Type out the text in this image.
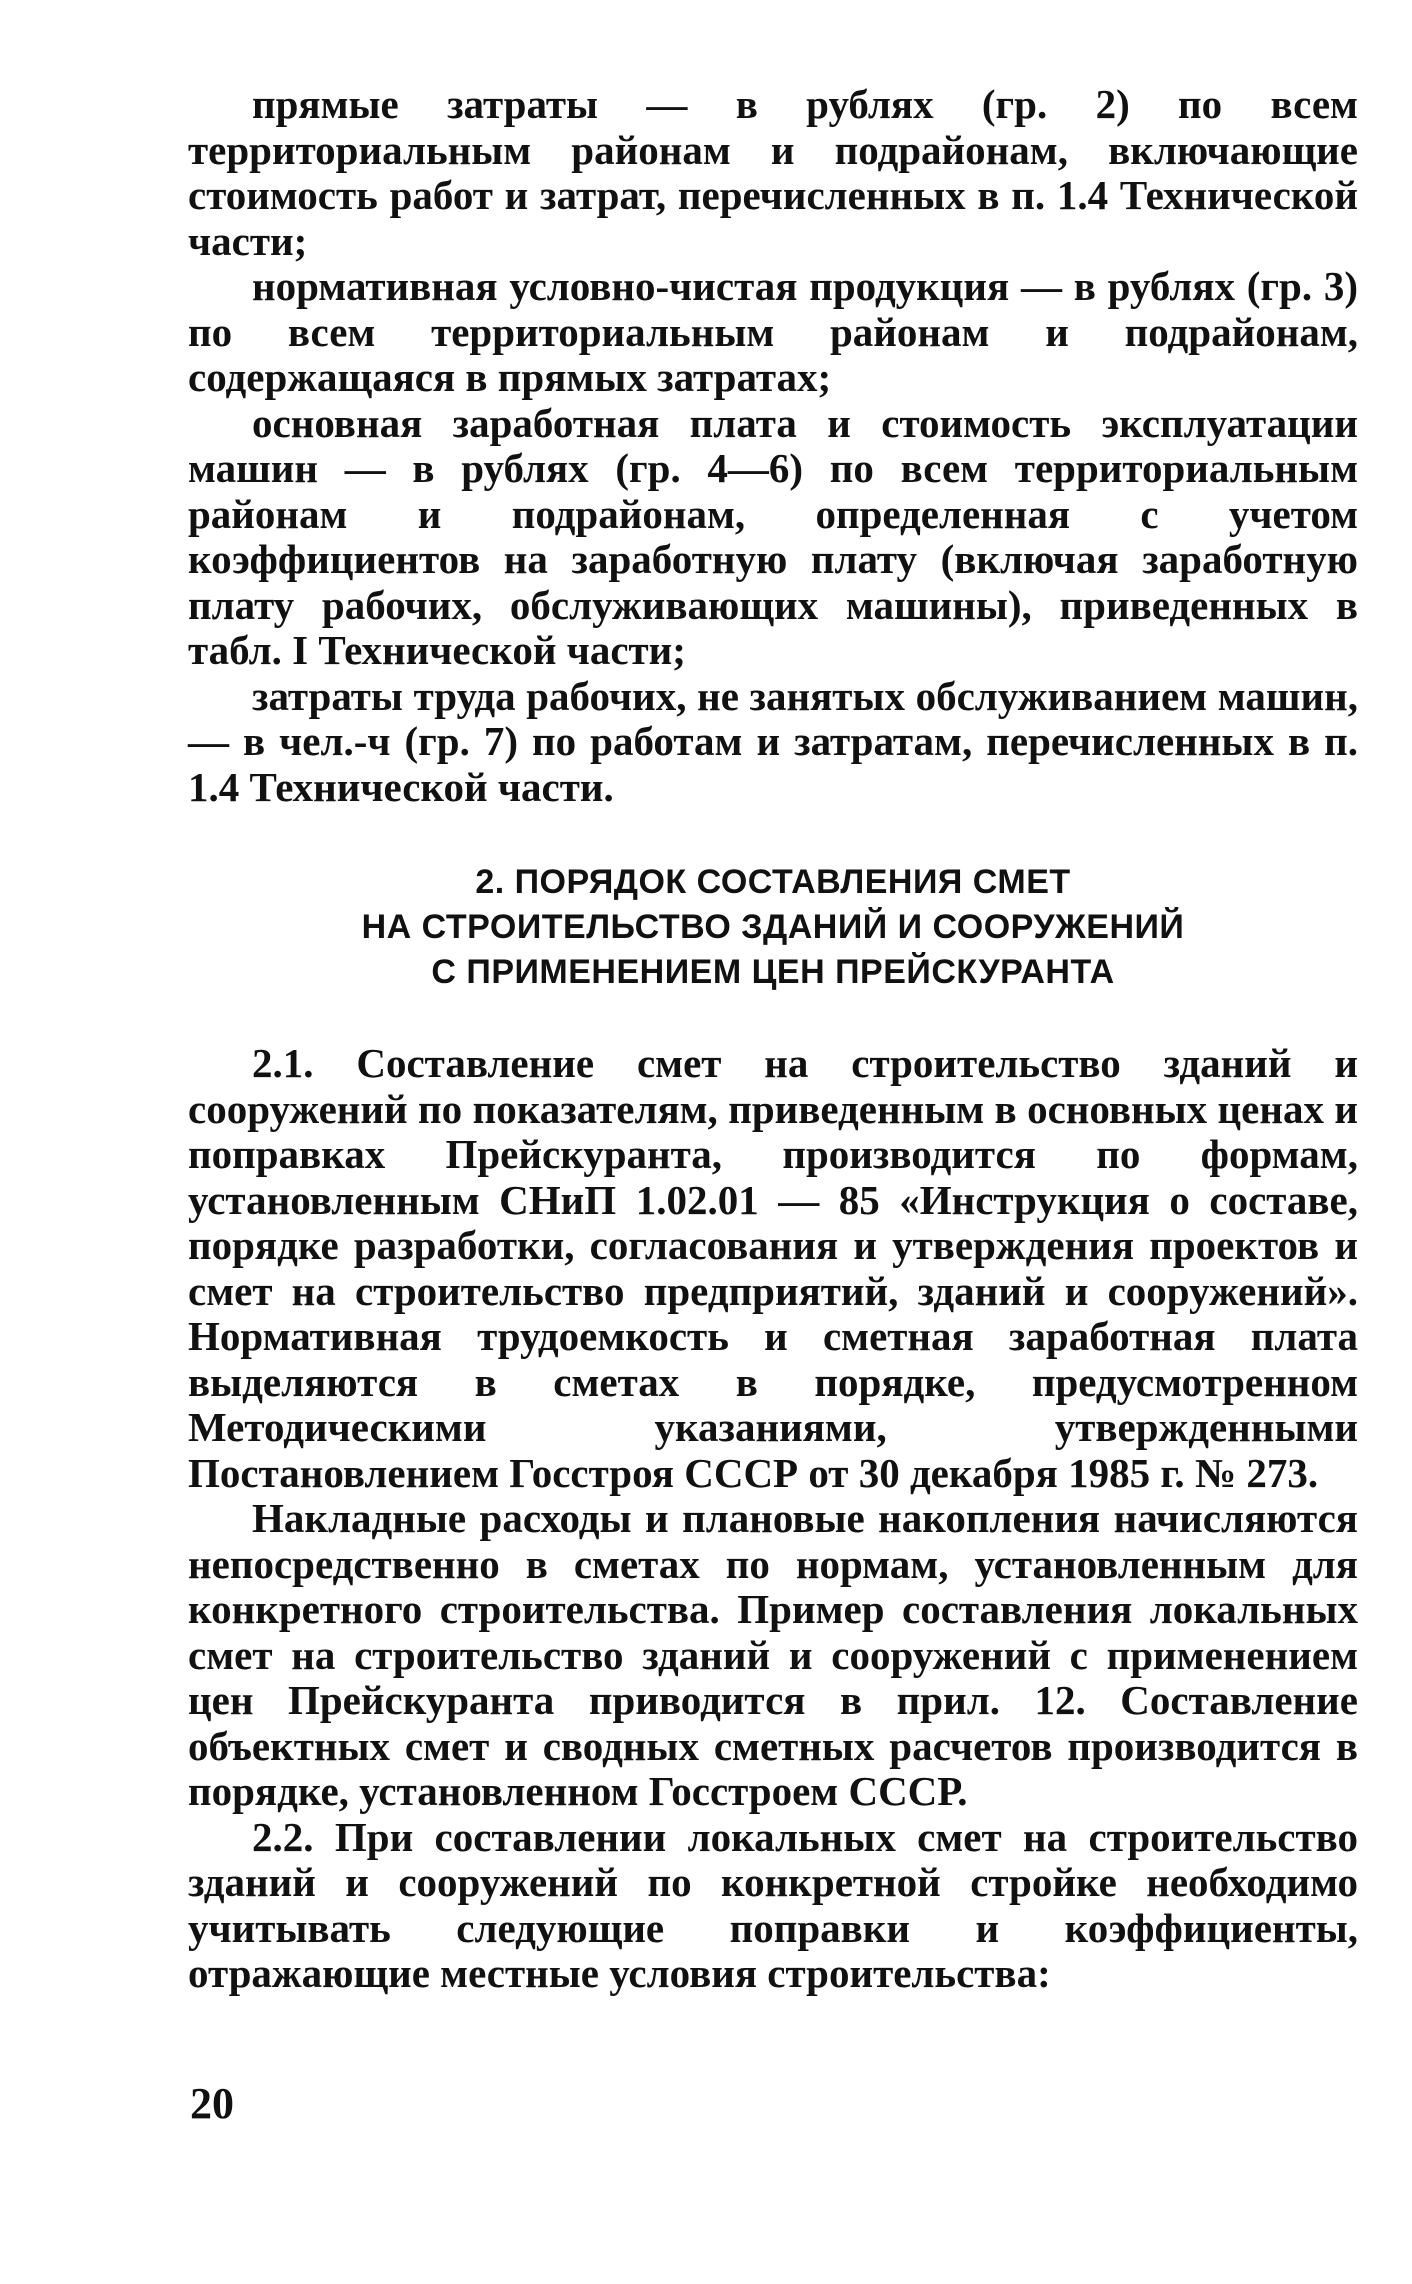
прямые затраты — в рублях (гр. 2) по всем территориальным районам и подрайонам, включающие стоимость работ и затрат, перечисленных в п. 1.4 Технической части;

нормативная условно-чистая продукция — в рублях (гр. 3) по всем территориальным районам и подрайонам, содержащаяся в прямых затратах;

основная заработная плата и стоимость эксплуатации машин — в рублях (гр. 4—6) по всем территориальным районам и подрайонам, определенная с учетом коэффициентов на заработную плату (включая заработную плату рабочих, обслуживающих машины), приведенных в табл. I Технической части;

затраты труда рабочих, не занятых обслуживанием машин,— в чел.-ч (гр. 7) по работам и затратам, перечисленных в п. 1.4 Технической части.

2. ПОРЯДОК СОСТАВЛЕНИЯ СМЕТ
НА СТРОИТЕЛЬСТВО ЗДАНИЙ И СООРУЖЕНИЙ
С ПРИМЕНЕНИЕМ ЦЕН ПРЕЙСКУРАНТА

2.1. Составление смет на строительство зданий и сооружений по показателям, приведенным в основных ценах и поправках Прейскуранта, производится по формам, установленным СНиП 1.02.01 — 85 «Инструкция о составе, порядке разработки, согласования и утверждения проектов и смет на строительство предприятий, зданий и сооружений». Нормативная трудоемкость и сметная заработная плата выделяются в сметах в порядке, предусмотренном Методическими указаниями, утвержденными Постановлением Госстроя СССР от 30 декабря 1985 г. № 273.

Накладные расходы и плановые накопления начисляются непосредственно в сметах по нормам, установленным для конкретного строительства. Пример составления локальных смет на строительство зданий и сооружений с применением цен Прейскуранта приводится в прил. 12. Составление объектных смет и сводных сметных расчетов производится в порядке, установленном Госстроем СССР.

2.2. При составлении локальных смет на строительство зданий и сооружений по конкретной стройке необходимо учитывать следующие поправки и коэффициенты, отражающие местные условия строительства:

20
